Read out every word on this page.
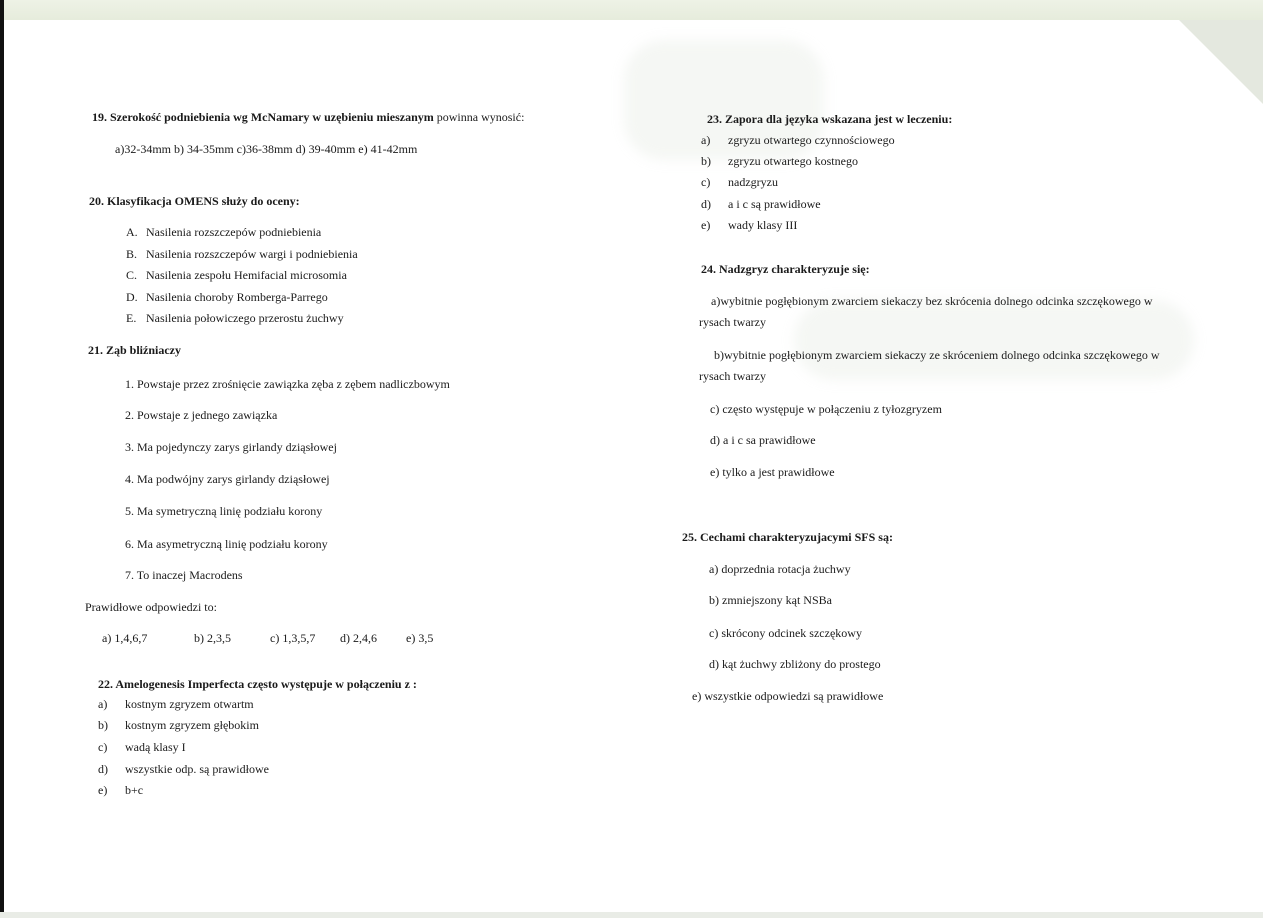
19. Szerokość podniebienia wg McNamary w uzębieniu mieszanym powinna wynosić:
a)32-34mm b) 34-35mm c)36-38mm d) 39-40mm e) 41-42mm
20. Klasyfikacja OMENS służy do oceny:
A. Nasilenia rozszczepów podniebienia
B. Nasilenia rozszczepów wargi i podniebienia
C. Nasilenia zespołu Hemifacial microsomia
D. Nasilenia choroby Romberga-Parrego
E. Nasilenia połowiczego przerostu żuchwy
21. Ząb bliźniaczy
1. Powstaje przez zrośnięcie zawiązka zęba z zębem nadliczbowym
2. Powstaje z jednego zawiązka
3. Ma pojedynczy zarys girlandy dziąsłowej
4. Ma podwójny zarys girlandy dziąsłowej
5. Ma symetryczną linię podziału korony
6. Ma asymetryczną linię podziału korony
7. To inaczej Macrodens
Prawidłowe odpowiedzi to:
a) 1,4,6,7	b) 2,3,5	c) 1,3,5,7 d) 2,4,6 e) 3,5
22. Amelogenesis Imperfecta często występuje w połączeniu z :
a) kostnym zgryzem otwartm
b) kostnym zgryzem głębokim
c) wadą klasy I
d) wszystkie odp. są prawidłowe
e) b+c
23. Zapora dla języka wskazana jest w leczeniu:
a) zgryzu otwartego czynnościowego
b) zgryzu otwartego kostnego
c) nadzgryzu
d) a i c są prawidłowe
e) wady klasy III
24. Nadzgryz charakteryzuje się:
a)wybitnie pogłębionym zwarciem siekaczy bez skrócenia dolnego odcinka szczękowego w
rysach twarzy
b)wybitnie pogłębionym zwarciem siekaczy ze skróceniem dolnego odcinka szczękowego w
rysach twarzy
c) często występuje w połączeniu z tyłozgryzem
d) a i c sa prawidłowe
e) tylko a jest prawidłowe
25. Cechami charakteryzujacymi SFS są:
a) doprzednia rotacja żuchwy
b) zmniejszony kąt NSBa
c) skrócony odcinek szczękowy
d) kąt żuchwy zbliżony do prostego
e) wszystkie odpowiedzi są prawidłowe
